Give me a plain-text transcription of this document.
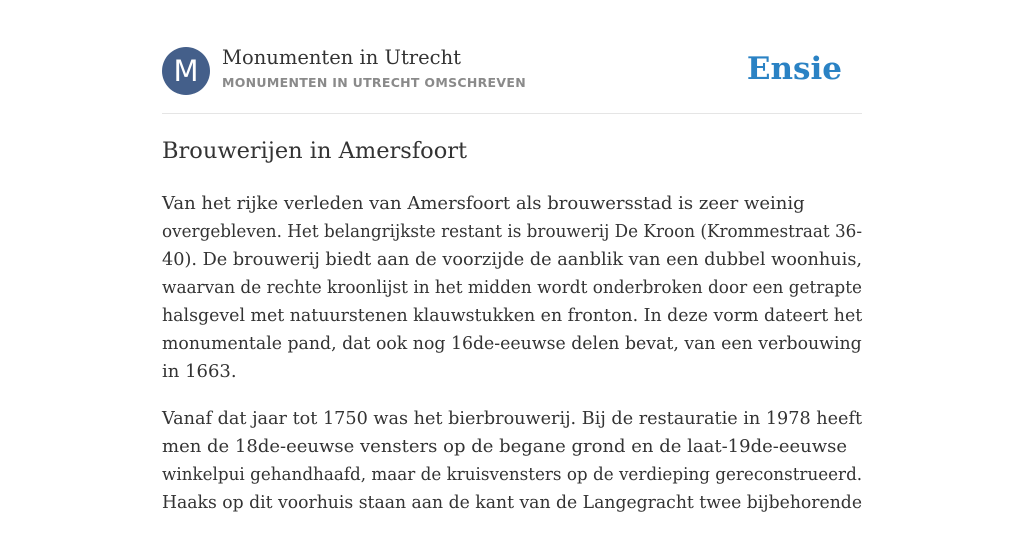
M	Monumenten in Utrecht
MONUMENTEN IN UTRECHT OMSCHREVEN	Ensie
Brouwerijen in Amersfoort

Van het rijke verleden van Amersfoort als brouwersstad is zeer weinig
overgebleven. Het belangrijkste restant is brouwerij De Kroon (Krommestraat 36-
40). De brouwerij biedt aan de voorzijde de aanblik van een dubbel woonhuis,
waarvan de rechte kroonlijst in het midden wordt onderbroken door een getrapte
halsgevel met natuurstenen klauwstukken en fronton. In deze vorm dateert het
monumentale pand, dat ook nog 16de-eeuwse delen bevat, van een verbouwing
in 1663.

Vanaf dat jaar tot 1750 was het bierbrouwerij. Bij de restauratie in 1978 heeft
men de 18de-eeuwse vensters op de begane grond en de laat-19de-eeuwse
winkelpui gehandhaafd, maar de kruisvensters op de verdieping gereconstrueerd.
Haaks op dit voorhuis staan aan de kant van de Langegracht twee bijbehorende
